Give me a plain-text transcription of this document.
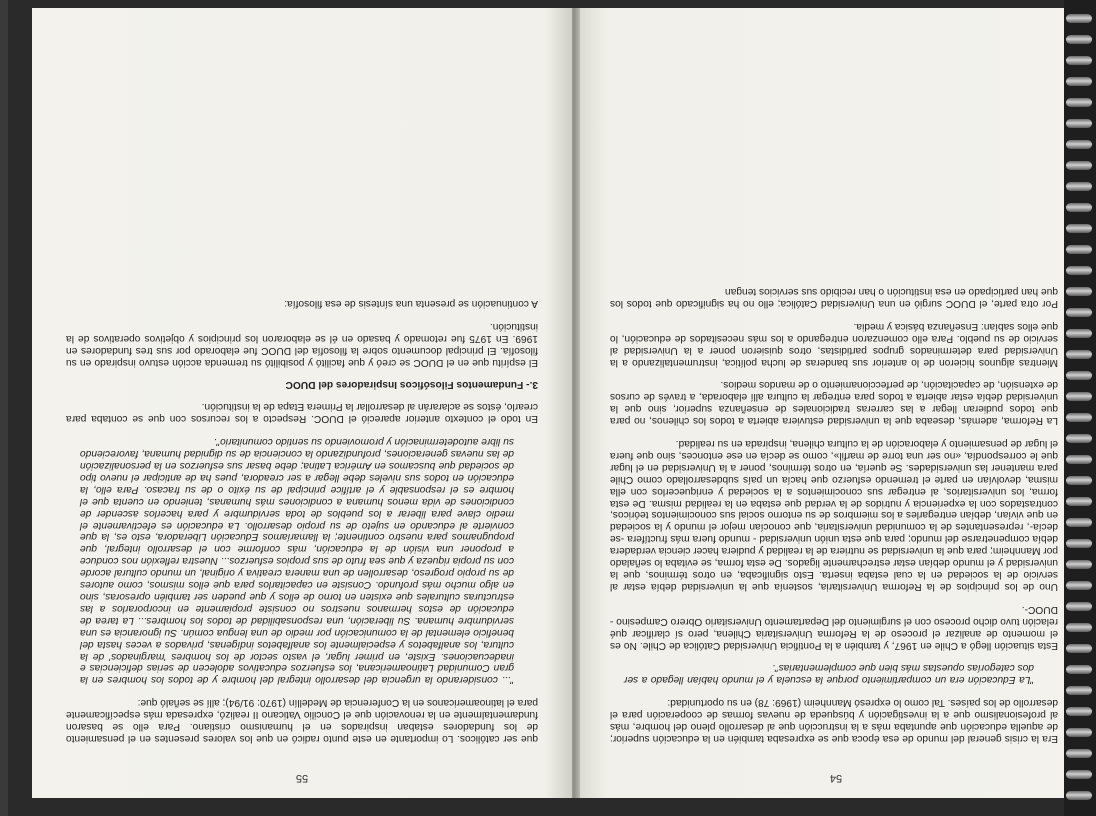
54

Era la crisis general del mundo de esa época que se expresaba también en la educación superior; de aquella educación que apuntaba más a la instrucción que al desarrollo pleno del hombre, más al profesionalismo que a la investigación y búsqueda de nuevas formas de cooperación para el desarrollo de los países. Tal como lo expresó Mannheim (1969: 78) en su oportunidad:

"La Educación era un compartimiento porque la escuela y el mundo habían llegado a ser dos categorías opuestas más bien que complementarias".

Esta situación llegó a Chile en 1967, y también a la Pontificia Universidad Católica de Chile. No es el momento de analizar el proceso de la Reforma Universitaria Chilena, pero sí clarificar qué relación tuvo dicho proceso con el surgimiento del Departamento Universitario Obrero Campesino -DUOC-.

Uno de los principios de la Reforma Universitaria, sostenía que la universidad debía estar al servicio de la sociedad en la cual estaba inserta. Esto significaba, en otros términos, que la universidad y el mundo debían estar estrechamente ligados. De esta forma, se evitaba lo señalado por Mannheim; para que la universidad se nutriera de la realidad y pudiera hacer ciencia verdadera debía compenetrarse del mundo; para que esta unión universidad - mundo fuera más fructífera -se decía-, representantes de la comunidad universitaria, que conocían mejor el mundo y la sociedad en que vivían, debían entregarles a los miembros de su entorno social sus conocimientos teóricos, contrastados con la experiencia y nutridos de la verdad que estaba en la realidad misma. De esta forma, los universitarios, al entregar sus conocimientos a la sociedad y enriquecerlos con ella misma, devolvían en parte el tremendo esfuerzo que hacía un país subdesarrollado como Chile para mantener las universidades. Se quería, en otros términos, poner a la Universidad en el lugar que le correspondía, «no ser una torre de marfil», como se decía en ese entonces, sino que fuera el lugar de pensamiento y elaboración de la cultura chilena, inspirada en su realidad.

La Reforma, además, deseaba que la universidad estuviera abierta a todos los chilenos, no para que todos pudieran llegar a las carreras tradicionales de enseñanza superior, sino que la universidad debía estar abierta a todos para entregar la cultura allí elaborada, a través de cursos de extensión, de capacitación, de perfeccionamiento o de mandos medios.

Mientras algunos hicieron de lo anterior sus banderas de lucha política, instrumentalizando a la Universidad para determinados grupos partidistas, otros quisieron poner a la Universidad al servicio de su pueblo. Para ello comenzaron entregando a los más necesitados de educación, lo que ellos sabían: Enseñanza básica y media.

Por otra parte, el DUOC surgió en una Universidad Católica; ello no ha significado que todos los que han participado en esa institución o han recibido sus servicios tengan

55

que ser católicos. Lo importante en este punto radicó en que los valores presentes en el pensamiento de los fundadores estaban inspirados en el humanismo cristiano. Para ello se basaron fundamentalmente en la renovación que el Concilio Vaticano II realizó, expresada más específicamente para el latinoamericanos en la Conferencia de Medellín (1970: 91/94); allí se señaló que:

"... considerando la urgencia del desarrollo integral del hombre y de todos los hombres en la gran Comunidad Latinoamericana, los esfuerzos educativos adolecen de serias deficiencias e inadecuaciones. Existe, en primer lugar, el vasto sector de los hombres 'marginados' de la cultura, los analfabetos y especialmente los analfabetos indígenas, privados a veces hasta del beneficio elemental de la comunicación por medio de una lengua común. Su ignorancia es una servidumbre humana. Su liberación, una responsabilidad de todos los hombres... La tarea de educación de estos hermanos nuestros no consiste propiamente en incorporarlos a las estructuras culturales que existen en torno de ellos y que pueden ser también opresoras, sino en algo mucho más profundo. Consiste en capacitarlos para que ellos mismos, como autores de su propio progreso, desarrollen de una manera creativa y original, un mundo cultural acorde con su propia riqueza y que sea fruto de sus propios esfuerzos... Nuestra reflexión nos conduce a proponer una visión de la educación, más conforme con el desarrollo integral, que propugnamos para nuestro continente; la llamaríamos Educación Liberadora, esto es, la que convierte al educando en sujeto de su propio desarrollo. La educación es efectivamente el medio clave para liberar a los pueblos de toda servidumbre y para hacerlos ascender de condiciones de vida menos humana a condiciones más humanas, teniendo en cuenta que el hombre es el responsable y el artífice principal de su éxito o de su fracaso. Para ello, la educación en todos sus niveles debe llegar a ser creadora, pues ha de anticipar el nuevo tipo de sociedad que buscamos en América Latina; debe basar sus esfuerzos en la personalización de las nuevas generaciones, profundizando la conciencia de su dignidad humana, favoreciendo su libre autodeterminación y promoviendo su sentido comunitario".

En todo el contexto anterior apareció el DUOC. Respecto a los recursos con que se contaba para crearlo, éstos se aclararán al desarrollar la Primera Etapa de la institución.

3.- Fundamentos Filosóficos Inspiradores del DUOC

El espíritu que en el DUOC se creó y que facilitó y posibilitó su tremenda acción estuvo inspirado en su filosofía. El principal documento sobre la filosofía del DUOC fue elaborado por sus tres fundadores en 1969. En 1975 fue retomado y basado en él se elaboraron los principios y objetivos operativos de la institución.

A continuación se presenta una síntesis de esa filosofía:
